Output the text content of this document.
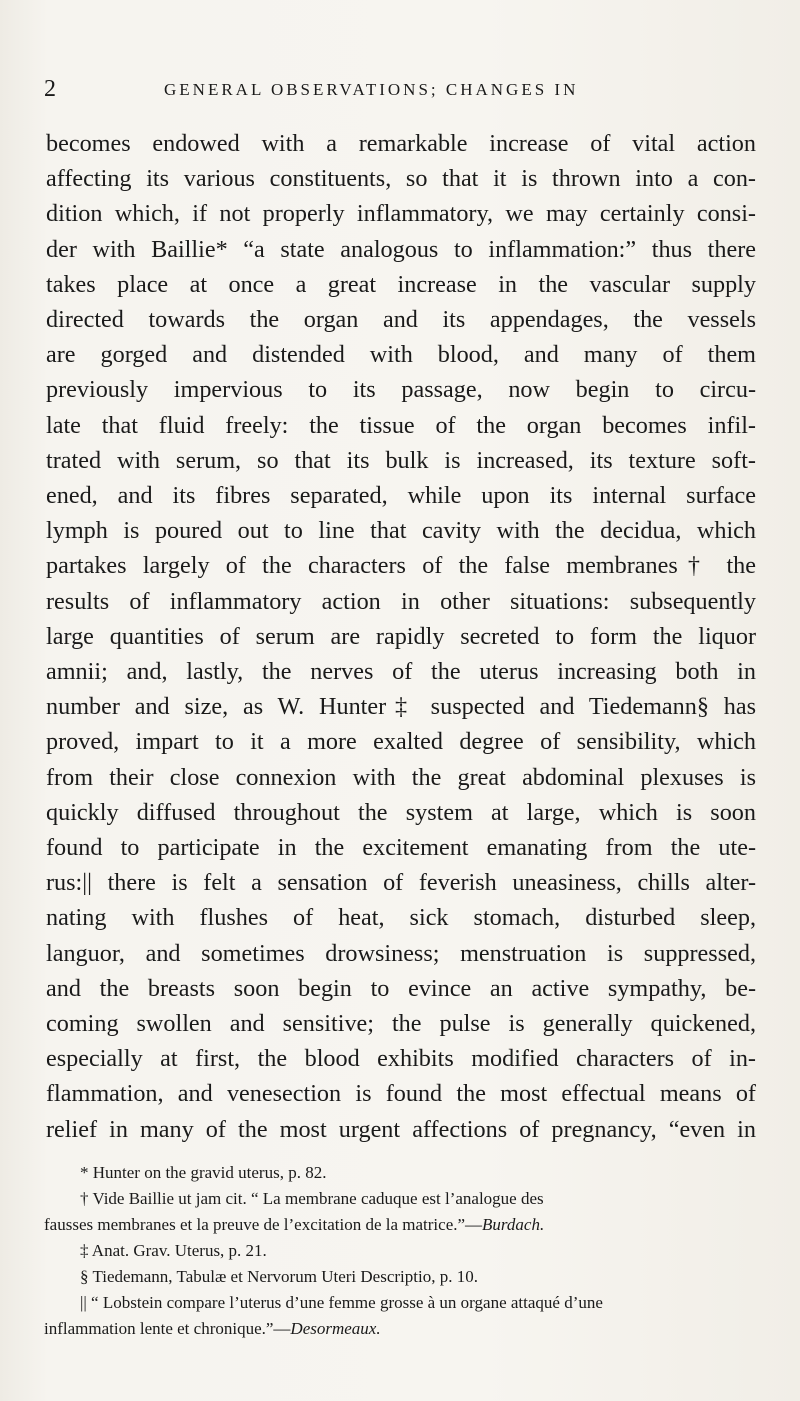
2	GENERAL OBSERVATIONS; CHANGES IN
becomes endowed with a remarkable increase of vital action
affecting its various constituents, so that it is thrown into a con-
dition which, if not properly inflammatory, we may certainly consi-
der with Baillie* “a state analogous to inflammation:” thus there
takes place at once a great increase in the vascular supply
directed towards the organ and its appendages, the vessels
are gorged and distended with blood, and many of them
previously impervious to its passage, now begin to circu-
late that fluid freely: the tissue of the organ becomes infil-
trated with serum, so that its bulk is increased, its texture soft-
ened, and its fibres separated, while upon its internal surface
lymph is poured out to line that cavity with the decidua, which
partakes largely of the characters of the false membranes† the
results of inflammatory action in other situations: subsequently
large quantities of serum are rapidly secreted to form the liquor
amnii; and, lastly, the nerves of the uterus increasing both in
number and size, as W. Hunter‡ suspected and Tiedemann§ has
proved, impart to it a more exalted degree of sensibility, which
from their close connexion with the great abdominal plexuses is
quickly diffused throughout the system at large, which is soon
found to participate in the excitement emanating from the ute-
rus:|| there is felt a sensation of feverish uneasiness, chills alter-
nating with flushes of heat, sick stomach, disturbed sleep,
languor, and sometimes drowsiness; menstruation is suppressed,
and the breasts soon begin to evince an active sympathy, be-
coming swollen and sensitive; the pulse is generally quickened,
especially at first, the blood exhibits modified characters of in-
flammation, and venesection is found the most effectual means of
relief in many of the most urgent affections of pregnancy, “even in
* Hunter on the gravid uterus, p. 82.
† Vide Baillie ut jam cit. “ La membrane caduque est l’analogue des
fausses membranes et la preuve de l’excitation de la matrice.”—Burdach.
‡ Anat. Grav. Uterus, p. 21.
§ Tiedemann, Tabulæ et Nervorum Uteri Descriptio, p. 10.
|| “ Lobstein compare l’uterus d’une femme grosse à un organe attaqué d’une
inflammation lente et chronique.”—Desormeaux.
